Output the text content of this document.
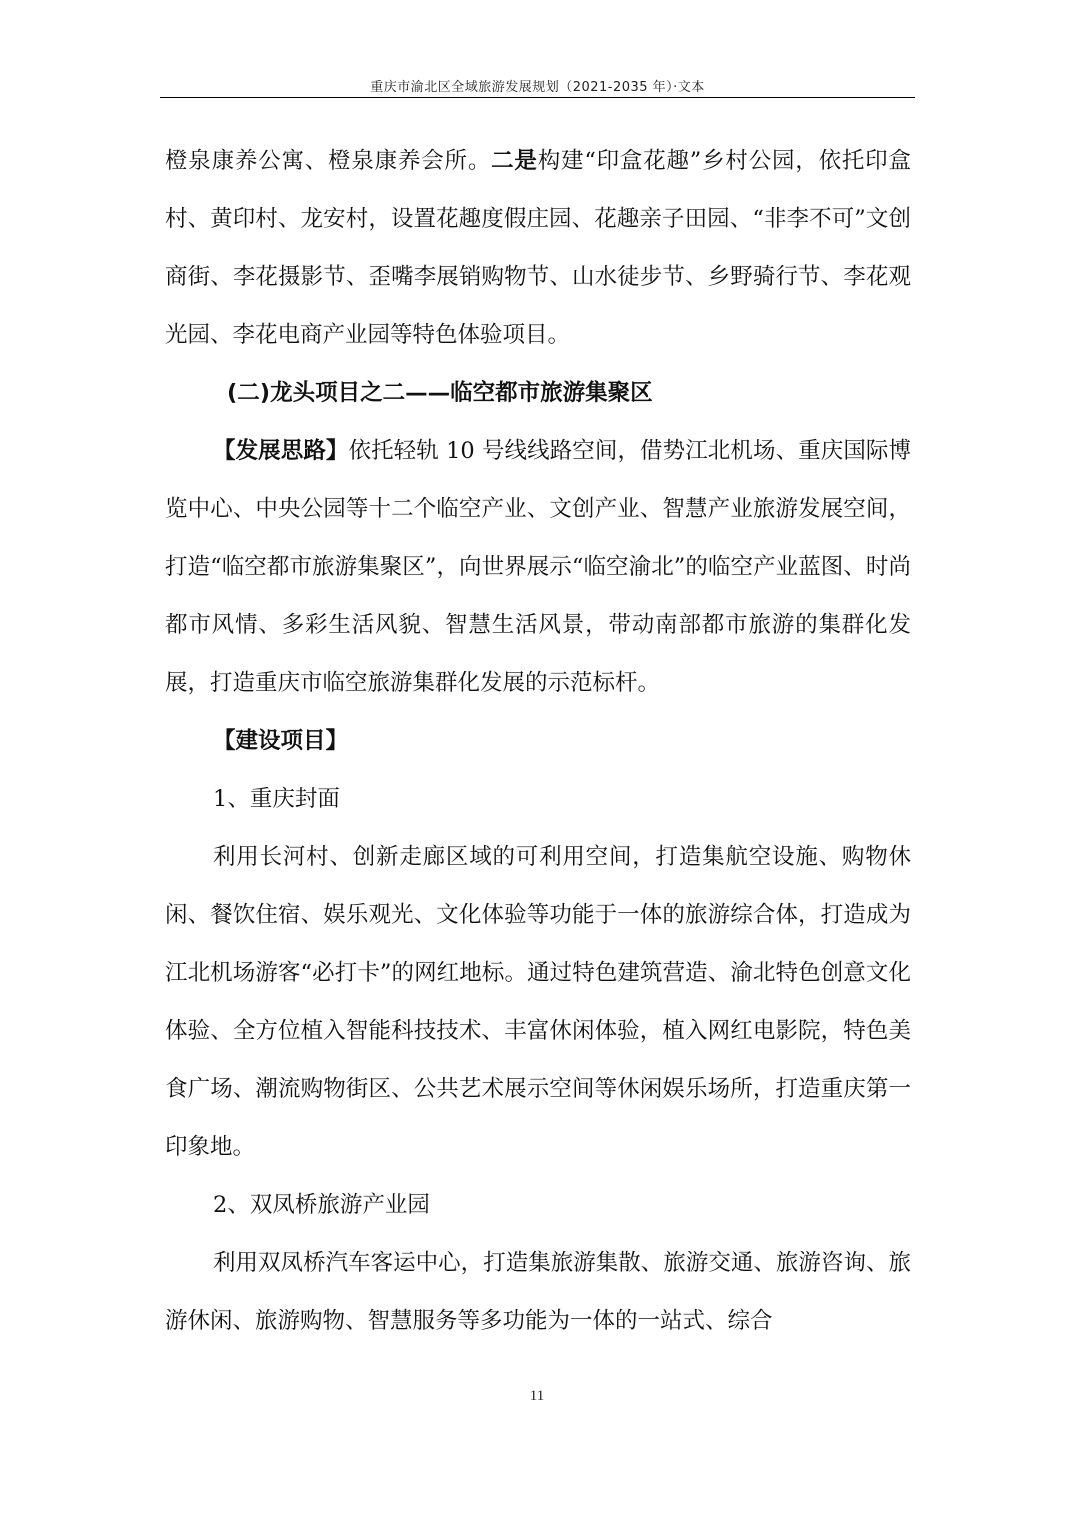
重庆市渝北区全域旅游发展规划（2021-2035 年）·文本

橙泉康养公寓、橙泉康养会所。二是构建“印盒花趣”乡村公园，依托印盒村、黄印村、龙安村，设置花趣度假庄园、花趣亲子田园、“非李不可”文创商街、李花摄影节、歪嘴李展销购物节、山水徒步节、乡野骑行节、李花观光园、李花电商产业园等特色体验项目。

(二)龙头项目之二——临空都市旅游集聚区

【发展思路】依托轻轨 10 号线线路空间，借势江北机场、重庆国际博览中心、中央公园等十二个临空产业、文创产业、智慧产业旅游发展空间，打造“临空都市旅游集聚区”，向世界展示“临空渝北”的临空产业蓝图、时尚都市风情、多彩生活风貌、智慧生活风景，带动南部都市旅游的集群化发展，打造重庆市临空旅游集群化发展的示范标杆。

【建设项目】

1、重庆封面

利用长河村、创新走廊区域的可利用空间，打造集航空设施、购物休闲、餐饮住宿、娱乐观光、文化体验等功能于一体的旅游综合体，打造成为江北机场游客“必打卡”的网红地标。通过特色建筑营造、渝北特色创意文化体验、全方位植入智能科技技术、丰富休闲体验，植入网红电影院，特色美食广场、潮流购物街区、公共艺术展示空间等休闲娱乐场所，打造重庆第一印象地。

2、双凤桥旅游产业园

利用双凤桥汽车客运中心，打造集旅游集散、旅游交通、旅游咨询、旅游休闲、旅游购物、智慧服务等多功能为一体的一站式、综合

11
